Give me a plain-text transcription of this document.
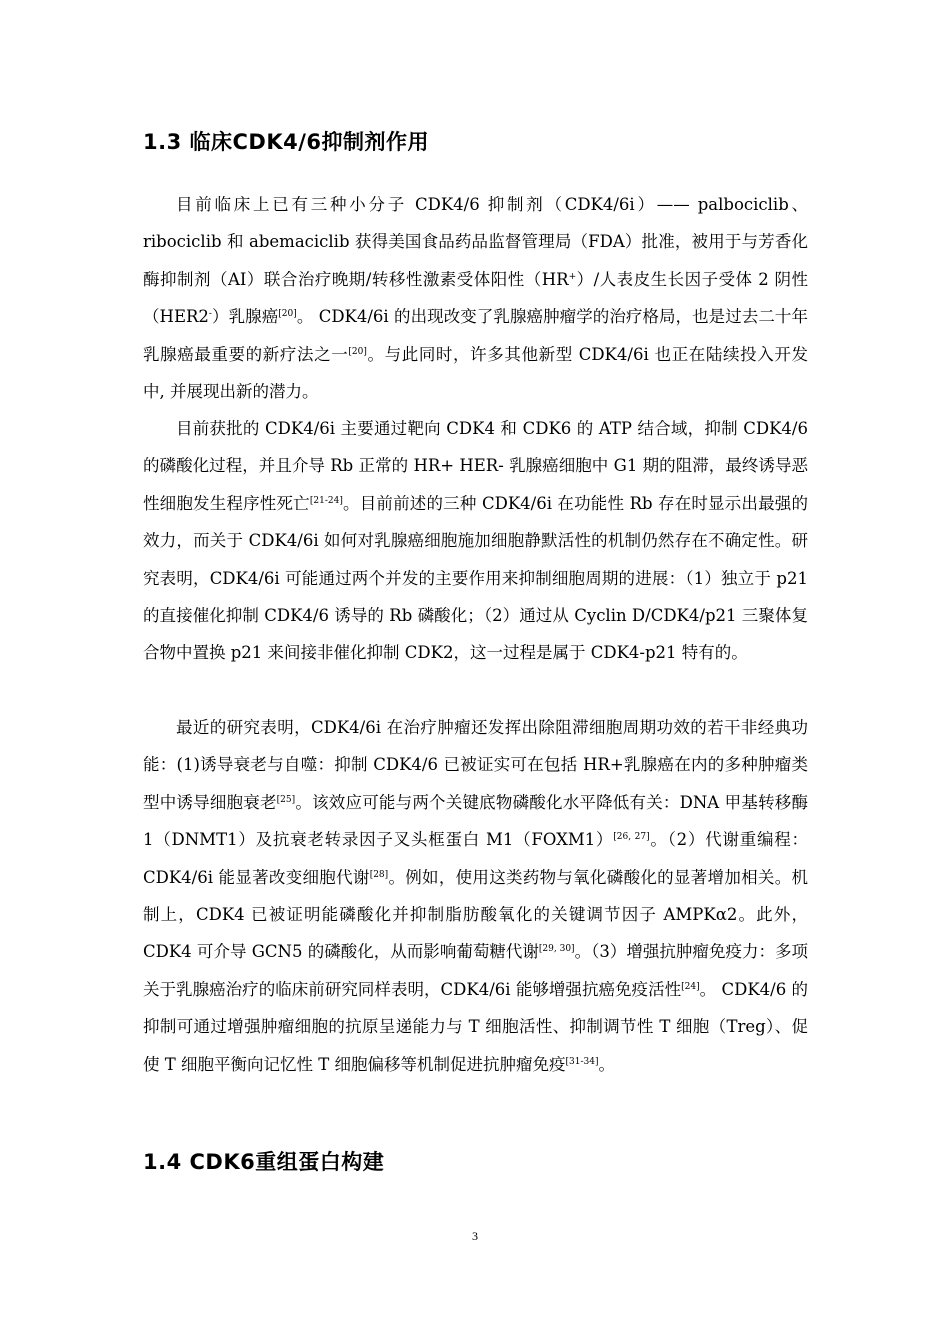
1.3 临床CDK4/6抑制剂作用

目前临床上已有三种小分子 CDK4/6 抑制剂（CDK4/6i）—— palbociclib、ribociclib 和 abemaciclib 获得美国食品药品监督管理局（FDA）批准，被用于与芳香化酶抑制剂（AI）联合治疗晚期/转移性激素受体阳性（HR+）/人表皮生长因子受体 2 阴性（HER2-）乳腺癌[20]。 CDK4/6i 的出现改变了乳腺癌肿瘤学的治疗格局，也是过去二十年乳腺癌最重要的新疗法之一[20]。与此同时，许多其他新型 CDK4/6i 也正在陆续投入开发中, 并展现出新的潜力。

目前获批的 CDK4/6i 主要通过靶向 CDK4 和 CDK6 的 ATP 结合域，抑制 CDK4/6 的磷酸化过程，并且介导 Rb 正常的 HR+ HER- 乳腺癌细胞中 G1 期的阻滞，最终诱导恶性细胞发生程序性死亡[21-24]。目前前述的三种 CDK4/6i 在功能性 Rb 存在时显示出最强的效力，而关于 CDK4/6i 如何对乳腺癌细胞施加细胞静默活性的机制仍然存在不确定性。研究表明，CDK4/6i 可能通过两个并发的主要作用来抑制细胞周期的进展：（1）独立于 p21 的直接催化抑制 CDK4/6 诱导的 Rb 磷酸化；（2）通过从 Cyclin D/CDK4/p21 三聚体复合物中置换 p21 来间接非催化抑制 CDK2，这一过程是属于 CDK4-p21 特有的。

最近的研究表明，CDK4/6i 在治疗肿瘤还发挥出除阻滞细胞周期功效的若干非经典功能：(1)诱导衰老与自噬：抑制 CDK4/6 已被证实可在包括 HR+乳腺癌在内的多种肿瘤类型中诱导细胞衰老[25]。该效应可能与两个关键底物磷酸化水平降低有关：DNA 甲基转移酶 1（DNMT1）及抗衰老转录因子叉头框蛋白 M1（FOXM1）[26, 27]。（2）代谢重编程：CDK4/6i 能显著改变细胞代谢[28]。例如，使用这类药物与氧化磷酸化的显著增加相关。机制上，CDK4 已被证明能磷酸化并抑制脂肪酸氧化的关键调节因子 AMPKα2。此外，CDK4 可介导 GCN5 的磷酸化，从而影响葡萄糖代谢[29, 30]。（3）增强抗肿瘤免疫力：多项关于乳腺癌治疗的临床前研究同样表明，CDK4/6i 能够增强抗癌免疫活性[24]。 CDK4/6 的抑制可通过增强肿瘤细胞的抗原呈递能力与 T 细胞活性、抑制调节性 T 细胞（Treg）、促使 T 细胞平衡向记忆性 T 细胞偏移等机制促进抗肿瘤免疫[31-34]。

1.4 CDK6重组蛋白构建
3
